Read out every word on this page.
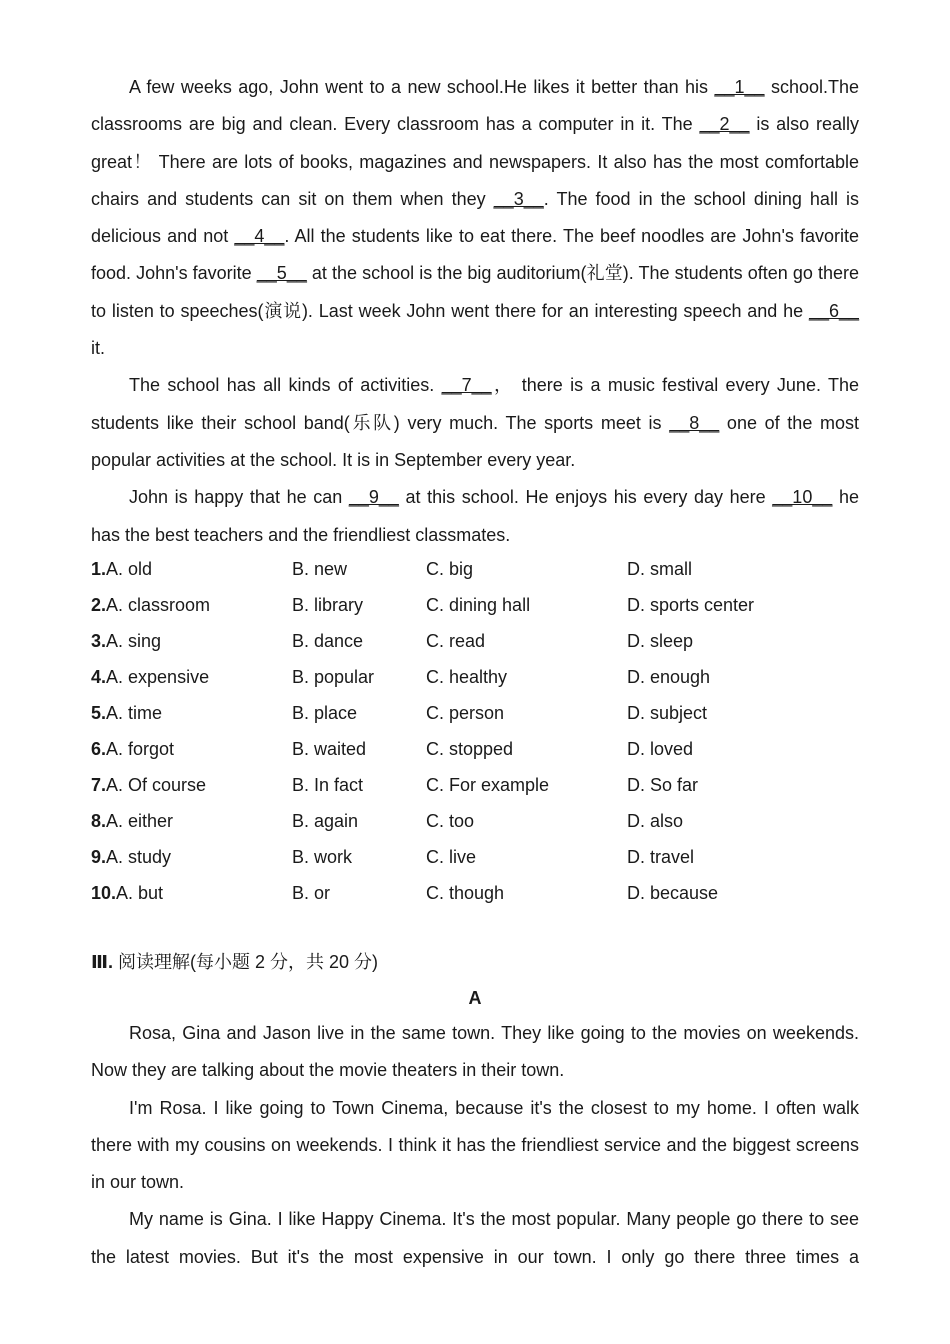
A few weeks ago, John went to a new school.He likes it better than his __1__ school.The classrooms are big and clean. Every classroom has a computer in it. The __2__ is also really great！ There are lots of books, magazines and newspapers. It also has the most comfortable chairs and students can sit on them when they __3__. The food in the school dining hall is delicious and not __4__. All the students like to eat there. The beef noodles are John's favorite food. John's favorite __5__ at the school is the big auditorium(礼堂). The students often go there to listen to speeches(演说). Last week John went there for an interesting speech and he __6__ it.

The school has all kinds of activities. __7__， there is a music festival every June. The students like their school band(乐队) very much. The sports meet is __8__ one of the most popular activities at the school. It is in September every year.

John is happy that he can __9__ at this school. He enjoys his every day here __10__ he has the best teachers and the friendliest classmates.

1.A. old	B. new	C. big	D. small
2.A. classroom	B. library	C. dining hall	D. sports center
3.A. sing	B. dance	C. read	D. sleep
4.A. expensive	B. popular	C. healthy	D. enough
5.A. time	B. place	C. person	D. subject
6.A. forgot	B. waited	C. stopped	D. loved
7.A. Of course	B. In fact	C. For example	D. So far
8.A. either	B. again	C. too	D. also
9.A. study	B. work	C. live	D. travel
10.A. but	B. or	C. though	D. because
Ⅲ. 阅读理解(每小题 2 分，共 20 分)
A

Rosa, Gina and Jason live in the same town. They like going to the movies on weekends. Now they are talking about the movie theaters in their town.

I'm Rosa. I like going to Town Cinema, because it's the closest to my home. I often walk there with my cousins on weekends. I think it has the friendliest service and the biggest screens in our town.

My name is Gina. I like Happy Cinema. It's the most popular. Many people go there to see the latest movies. But it's the most expensive in our town. I only go there three times a
